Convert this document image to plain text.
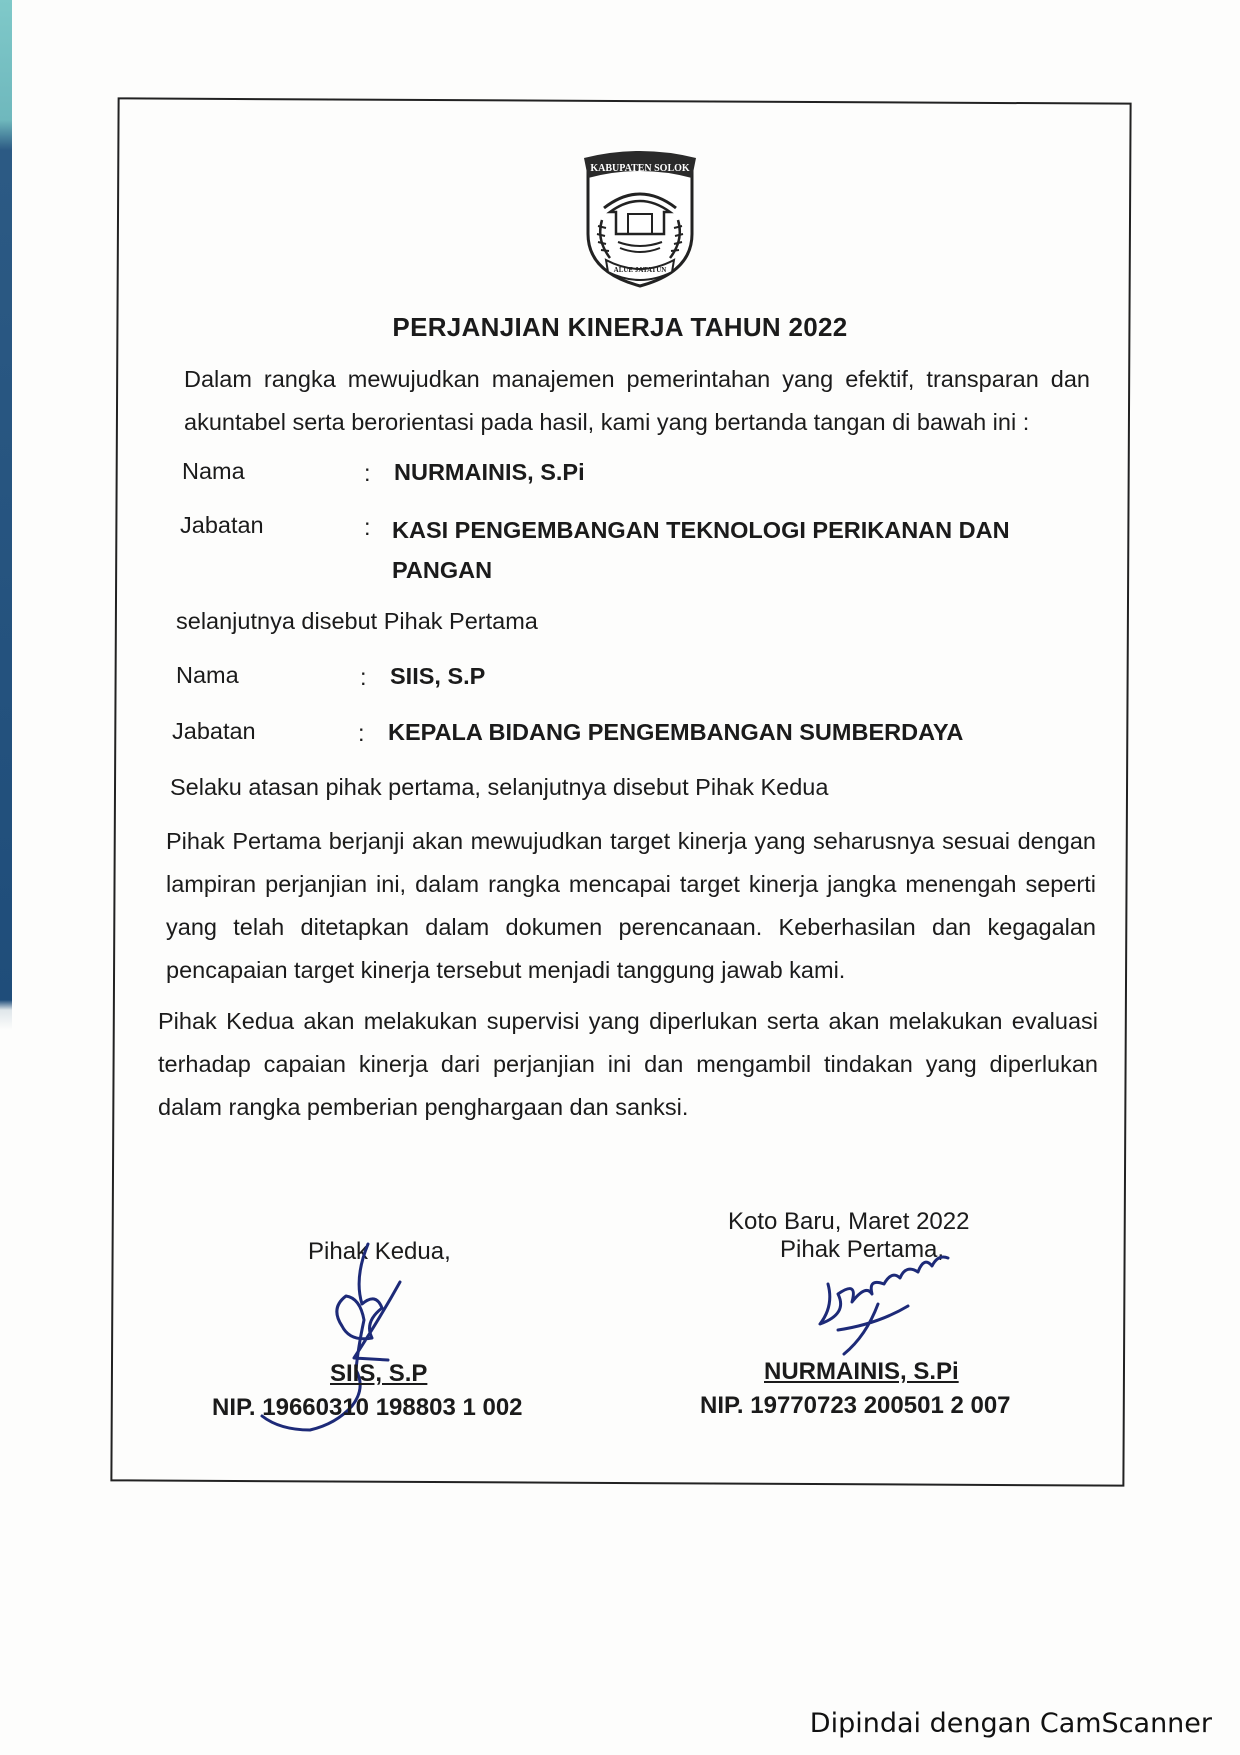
KABUPATEN SOLOK
ALUE JATATUN
PERJANJIAN KINERJA TAHUN 2022
Dalam rangka mewujudkan manajemen pemerintahan yang efektif, transparan dan akuntabel serta berorientasi pada hasil, kami yang bertanda tangan di bawah ini :
Nama	: NURMAINIS, S.Pi
Jabatan	: KASI PENGEMBANGAN TEKNOLOGI PERIKANAN DAN PANGAN
selanjutnya disebut Pihak Pertama
Nama	: SIIS, S.P
Jabatan	: KEPALA BIDANG PENGEMBANGAN SUMBERDAYA
Selaku atasan pihak pertama, selanjutnya disebut Pihak Kedua
Pihak Pertama berjanji akan mewujudkan target kinerja yang seharusnya sesuai dengan lampiran perjanjian ini, dalam rangka mencapai target kinerja jangka menengah seperti yang telah ditetapkan dalam dokumen perencanaan. Keberhasilan dan kegagalan pencapaian target kinerja tersebut menjadi tanggung jawab kami.
Pihak Kedua akan melakukan supervisi yang diperlukan serta akan melakukan evaluasi terhadap capaian kinerja dari perjanjian ini dan mengambil tindakan yang diperlukan dalam rangka pemberian penghargaan dan sanksi.
Koto Baru, Maret 2022
Pihak Kedua,	Pihak Pertama,
SIIS, S.P	NURMAINIS, S.Pi
NIP. 19660310 198803 1 002	NIP. 19770723 200501 2 007
Dipindai dengan CamScanner
